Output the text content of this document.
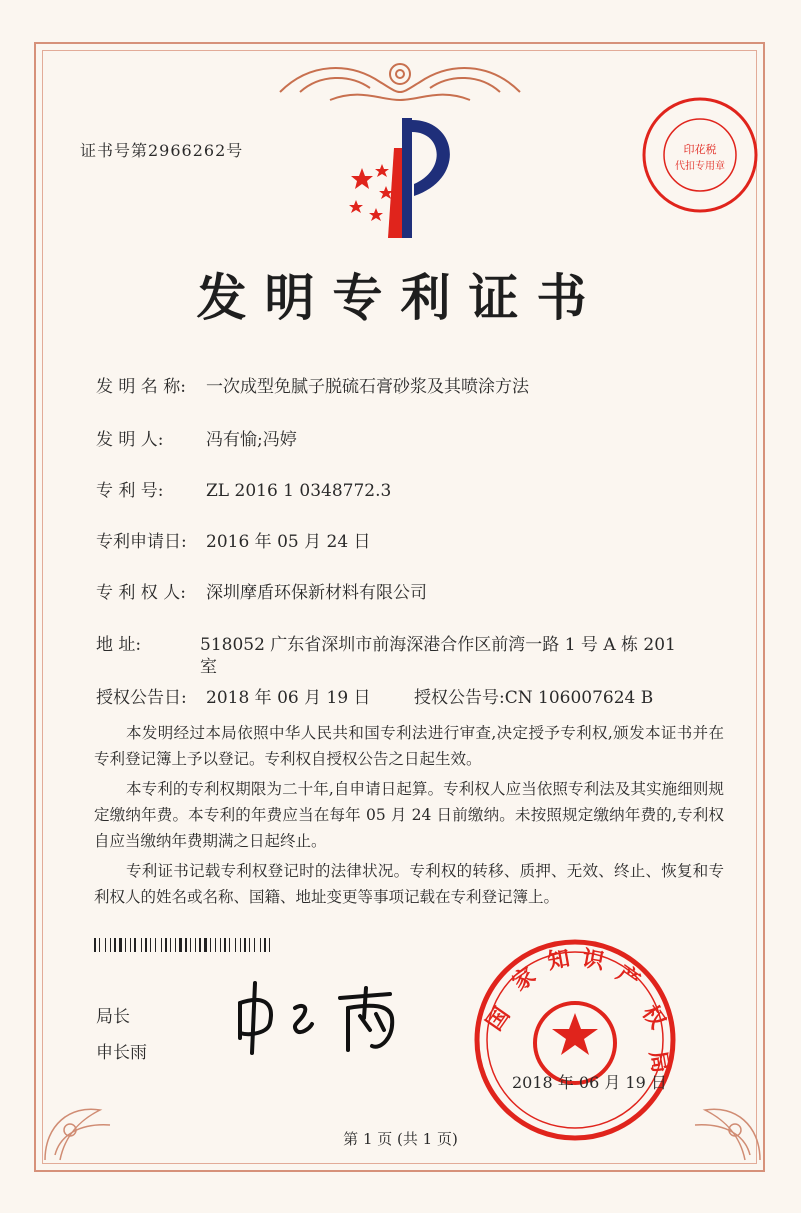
证书号第2966262号	印花税
代扣专用章
发明专利证书
发 明 名 称: 一次成型免腻子脱硫石膏砂浆及其喷涂方法
发 明 人: 冯有愉;冯婷
专 利 号: ZL 2016 1 0348772.3
专利申请日: 2016 年 05 月 24 日
专 利 权 人: 深圳摩盾环保新材料有限公司
地 址:	518052 广东省深圳市前海深港合作区前湾一路 1 号 A 栋 201
室
授权公告日: 2018 年 06 月 19 日	授权公告号:CN 106007624 B

本发明经过本局依照中华人民共和国专利法进行审查,决定授予专利权,颁发本证书并在专利登记簿上予以登记。专利权自授权公告之日起生效。

本专利的专利权期限为二十年,自申请日起算。专利权人应当依照专利法及其实施细则规定缴纳年费。本专利的年费应当在每年 05 月 24 日前缴纳。未按照规定缴纳年费的,专利权自应当缴纳年费期满之日起终止。

专利证书记载专利权登记时的法律状况。专利权的转移、质押、无效、终止、恢复和专利权人的姓名或名称、国籍、地址变更等事项记载在专利登记簿上。

局长
申长雨
国
家
知 识
产
权
局
2018 年 06 月 19 日
第 1 页 (共 1 页)
